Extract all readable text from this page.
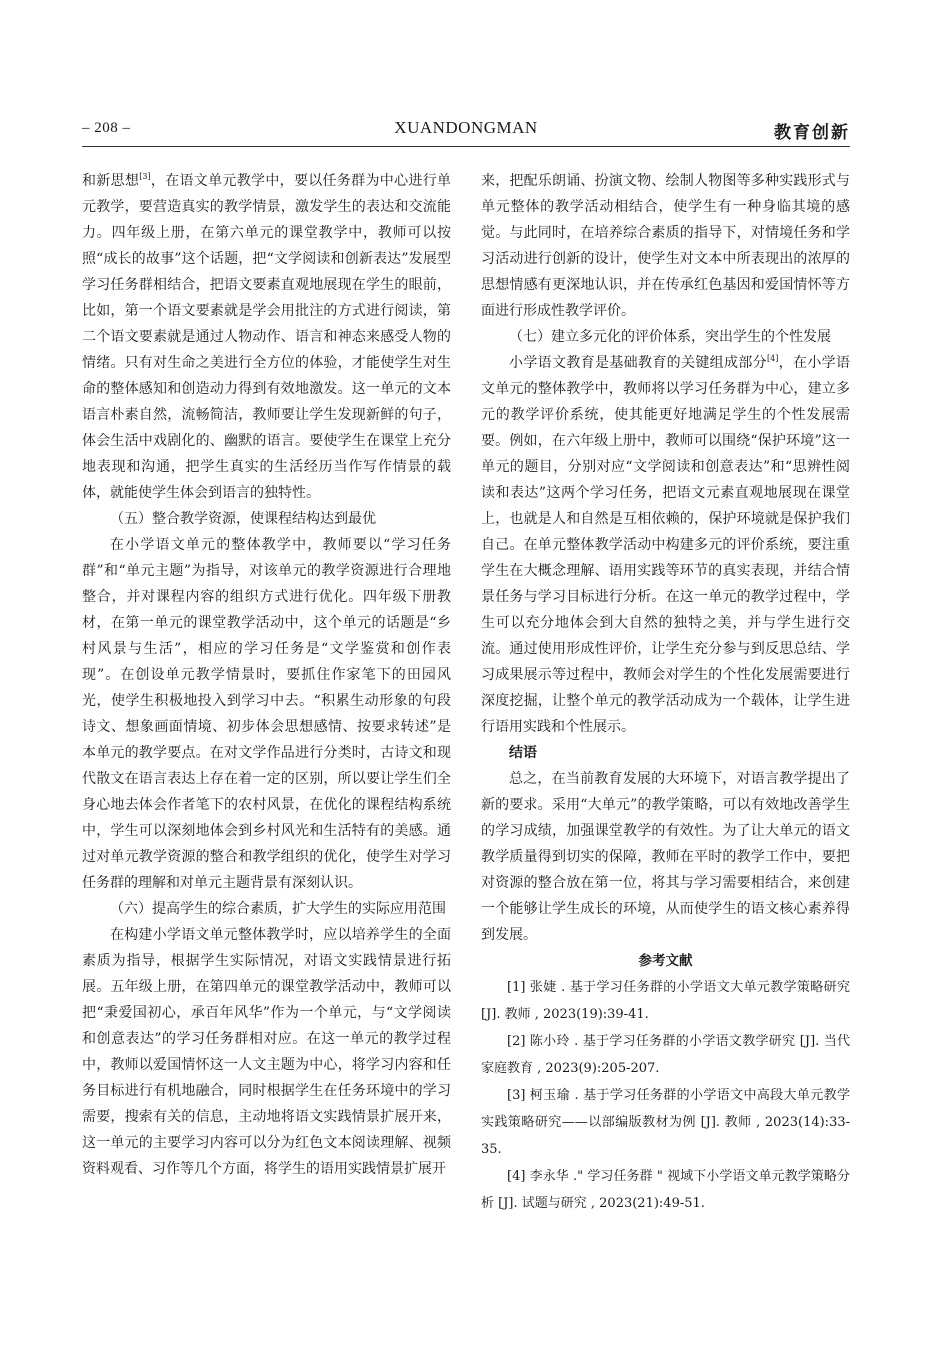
– 208 –	XUANDONGMAN	教育创新

和新思想[3]，在语文单元教学中，要以任务群为中心进行单元教学，要营造真实的教学情景，激发学生的表达和交流能力。四年级上册，在第六单元的课堂教学中，教师可以按照“成长的故事”这个话题，把“文学阅读和创新表达”发展型学习任务群相结合，把语文要素直观地展现在学生的眼前，比如，第一个语文要素就是学会用批注的方式进行阅读，第二个语文要素就是通过人物动作、语言和神态来感受人物的情绪。只有对生命之美进行全方位的体验，才能使学生对生命的整体感知和创造动力得到有效地激发。这一单元的文本语言朴素自然，流畅简洁，教师要让学生发现新鲜的句子，体会生活中戏剧化的、幽默的语言。要使学生在课堂上充分地表现和沟通，把学生真实的生活经历当作写作情景的载体，就能使学生体会到语言的独特性。

（五）整合教学资源，使课程结构达到最优

在小学语文单元的整体教学中，教师要以“学习任务群”和“单元主题”为指导，对该单元的教学资源进行合理地整合，并对课程内容的组织方式进行优化。四年级下册教材，在第一单元的课堂教学活动中，这个单元的话题是“乡村风景与生活”，相应的学习任务是“文学鉴赏和创作表现”。在创设单元教学情景时，要抓住作家笔下的田园风光，使学生积极地投入到学习中去。“积累生动形象的句段诗文、想象画面情境、初步体会思想感情、按要求转述”是本单元的教学要点。在对文学作品进行分类时，古诗文和现代散文在语言表达上存在着一定的区别，所以要让学生们全身心地去体会作者笔下的农村风景，在优化的课程结构系统中，学生可以深刻地体会到乡村风光和生活特有的美感。通过对单元教学资源的整合和教学组织的优化，使学生对学习任务群的理解和对单元主题背景有深刻认识。

（六）提高学生的综合素质，扩大学生的实际应用范围

在构建小学语文单元整体教学时，应以培养学生的全面素质为指导，根据学生实际情况，对语文实践情景进行拓展。五年级上册，在第四单元的课堂教学活动中，教师可以把“秉爱国初心，承百年风华”作为一个单元，与“文学阅读和创意表达”的学习任务群相对应。在这一单元的教学过程中，教师以爱国情怀这一人文主题为中心，将学习内容和任务目标进行有机地融合，同时根据学生在任务环境中的学习需要，搜索有关的信息，主动地将语文实践情景扩展开来，这一单元的主要学习内容可以分为红色文本阅读理解、视频资料观看、习作等几个方面，将学生的语用实践情景扩展开

来，把配乐朗诵、扮演文物、绘制人物图等多种实践形式与单元整体的教学活动相结合，使学生有一种身临其境的感觉。与此同时，在培养综合素质的指导下，对情境任务和学习活动进行创新的设计，使学生对文本中所表现出的浓厚的思想情感有更深地认识，并在传承红色基因和爱国情怀等方面进行形成性教学评价。

（七）建立多元化的评价体系，突出学生的个性发展

小学语文教育是基础教育的关键组成部分[4]，在小学语文单元的整体教学中，教师将以学习任务群为中心，建立多元的教学评价系统，使其能更好地满足学生的个性发展需要。例如，在六年级上册中，教师可以围绕“保护环境”这一单元的题目，分别对应“文学阅读和创意表达”和“思辨性阅读和表达”这两个学习任务，把语文元素直观地展现在课堂上，也就是人和自然是互相依赖的，保护环境就是保护我们自己。在单元整体教学活动中构建多元的评价系统，要注重学生在大概念理解、语用实践等环节的真实表现，并结合情景任务与学习目标进行分析。在这一单元的教学过程中，学生可以充分地体会到大自然的独特之美，并与学生进行交流。通过使用形成性评价，让学生充分参与到反思总结、学习成果展示等过程中，教师会对学生的个性化发展需要进行深度挖掘，让整个单元的教学活动成为一个载体，让学生进行语用实践和个性展示。

结语

总之，在当前教育发展的大环境下，对语言教学提出了新的要求。采用“大单元”的教学策略，可以有效地改善学生的学习成绩，加强课堂教学的有效性。为了让大单元的语文教学质量得到切实的保障，教师在平时的教学工作中，要把对资源的整合放在第一位，将其与学习需要相结合，来创建一个能够让学生成长的环境，从而使学生的语文核心素养得到发展。

参考文献

[1] 张婕 . 基于学习任务群的小学语文大单元教学策略研究 [J]. 教师 , 2023(19):39-41.

[2] 陈小玲 . 基于学习任务群的小学语文教学研究 [J]. 当代家庭教育 , 2023(9):205-207.

[3] 柯玉瑜 . 基于学习任务群的小学语文中高段大单元教学实践策略研究——以部编版教材为例 [J]. 教师 , 2023(14):33-35.

[4] 李永华 ." 学习任务群 " 视域下小学语文单元教学策略分析 [J]. 试题与研究 , 2023(21):49-51.
